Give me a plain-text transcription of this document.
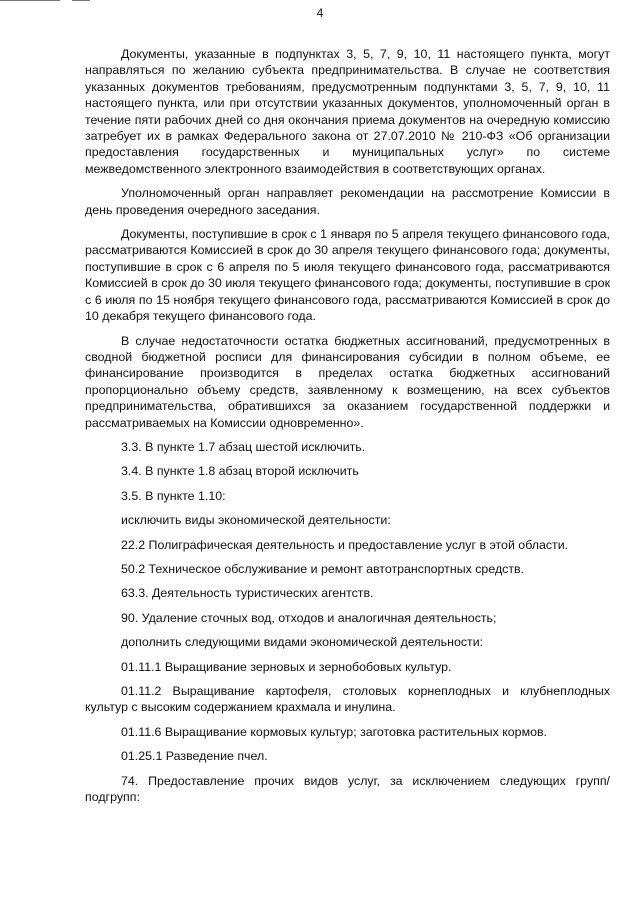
4

Документы, указанные в подпунктах 3, 5, 7, 9, 10, 11 настоящего пункта, могут направляться по желанию субъекта предпринимательства. В случае не соответствия указанных документов требованиям, предусмотренным подпунктами 3, 5, 7, 9, 10, 11 настоящего пункта, или при отсутствии указанных документов, уполномоченный орган в течение пяти рабочих дней со дня окончания приема документов на очередную комиссию затребует их в рамках Федерального закона от 27.07.2010 № 210-ФЗ «Об организации предоставления государственных и муниципальных услуг» по системе межведомственного электронного взаимодействия в соответствующих органах.

Уполномоченный орган направляет рекомендации на рассмотрение Комиссии в день проведения очередного заседания.

Документы, поступившие в срок с 1 января по 5 апреля текущего финансового года, рассматриваются Комиссией в срок до 30 апреля текущего финансового года; документы, поступившие в срок с 6 апреля по 5 июля текущего финансового года, рассматриваются Комиссией в срок до 30 июля текущего финансового года; документы, поступившие в срок с 6 июля по 15 ноября текущего финансового года, рассматриваются Комиссией в срок до 10 декабря текущего финансового года.

В случае недостаточности остатка бюджетных ассигнований, предусмотренных в сводной бюджетной росписи для финансирования субсидии в полном объеме, ее финансирование производится в пределах остатка бюджетных ассигнований пропорционально объему средств, заявленному к возмещению, на всех субъектов предпринимательства, обратившихся за оказанием государственной поддержки и рассматриваемых на Комиссии одновременно».

3.3. В пункте 1.7 абзац шестой исключить.

3.4. В пункте 1.8 абзац второй исключить

3.5. В пункте 1.10:

исключить виды экономической деятельности:

22.2 Полиграфическая деятельность и предоставление услуг в этой области.

50.2 Техническое обслуживание и ремонт автотранспортных средств.

63.3. Деятельность туристических агентств.

90. Удаление сточных вод, отходов и аналогичная деятельность;

дополнить следующими видами экономической деятельности:

01.11.1 Выращивание зерновых и зернобобовых культур.

01.11.2 Выращивание картофеля, столовых корнеплодных и клубнеплодных культур с высоким содержанием крахмала и инулина.

01.11.6 Выращивание кормовых культур; заготовка растительных кормов.

01.25.1 Разведение пчел.

74. Предоставление прочих видов услуг, за исключением следующих групп/подгрупп:
